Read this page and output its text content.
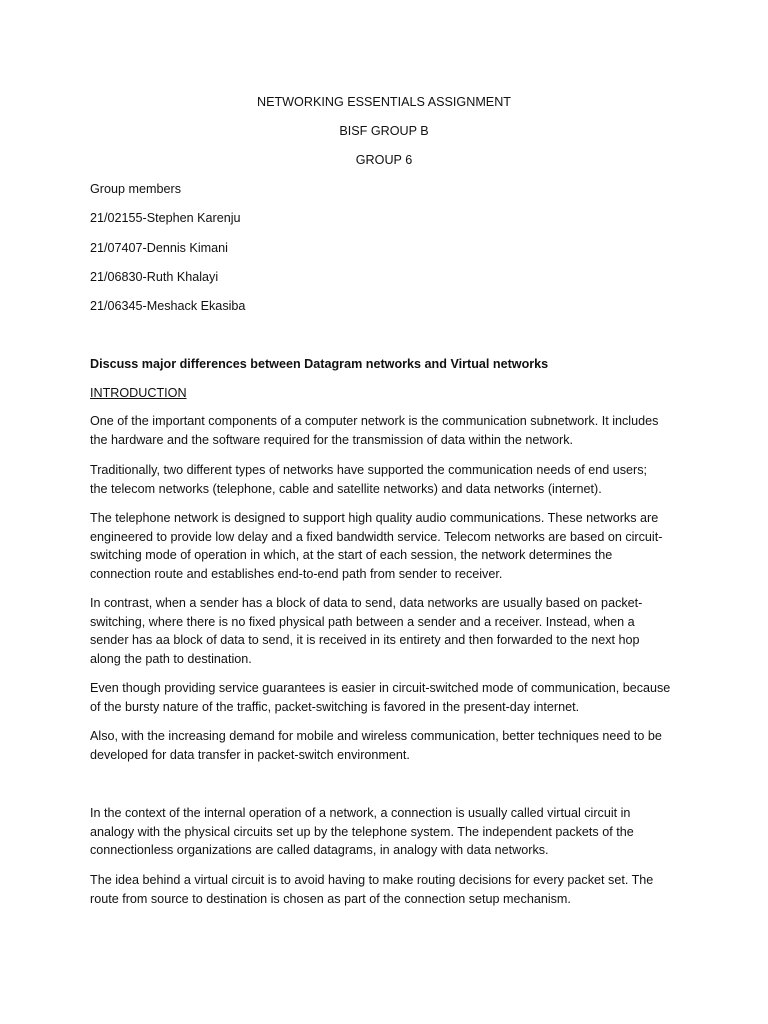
NETWORKING ESSENTIALS ASSIGNMENT
BISF GROUP B
GROUP 6
Group members
21/02155-Stephen Karenju
21/07407-Dennis Kimani
21/06830-Ruth Khalayi
21/06345-Meshack Ekasiba
Discuss major differences between Datagram networks and Virtual networks
INTRODUCTION
One of the important components of a computer network is the communication subnetwork. It includes
the hardware and the software required for the transmission of data within the network.
Traditionally, two different types of networks have supported the communication needs of end users;
the telecom networks (telephone, cable and satellite networks) and data networks (internet).
The telephone network is designed to support high quality audio communications. These networks are
engineered to provide low delay and a fixed bandwidth service. Telecom networks are based on circuit-
switching mode of operation in which, at the start of each session, the network determines the
connection route and establishes end-to-end path from sender to receiver.
In contrast, when a sender has a block of data to send, data networks are usually based on packet-
switching, where there is no fixed physical path between a sender and a receiver. Instead, when a
sender has aa block of data to send, it is received in its entirety and then forwarded to the next hop
along the path to destination.
Even though providing service guarantees is easier in circuit-switched mode of communication, because
of the bursty nature of the traffic, packet-switching is favored in the present-day internet.
Also, with the increasing demand for mobile and wireless communication, better techniques need to be
developed for data transfer in packet-switch environment.
In the context of the internal operation of a network, a connection is usually called virtual circuit in
analogy with the physical circuits set up by the telephone system. The independent packets of the
connectionless organizations are called datagrams, in analogy with data networks.
The idea behind a virtual circuit is to avoid having to make routing decisions for every packet set. The
route from source to destination is chosen as part of the connection setup mechanism.
